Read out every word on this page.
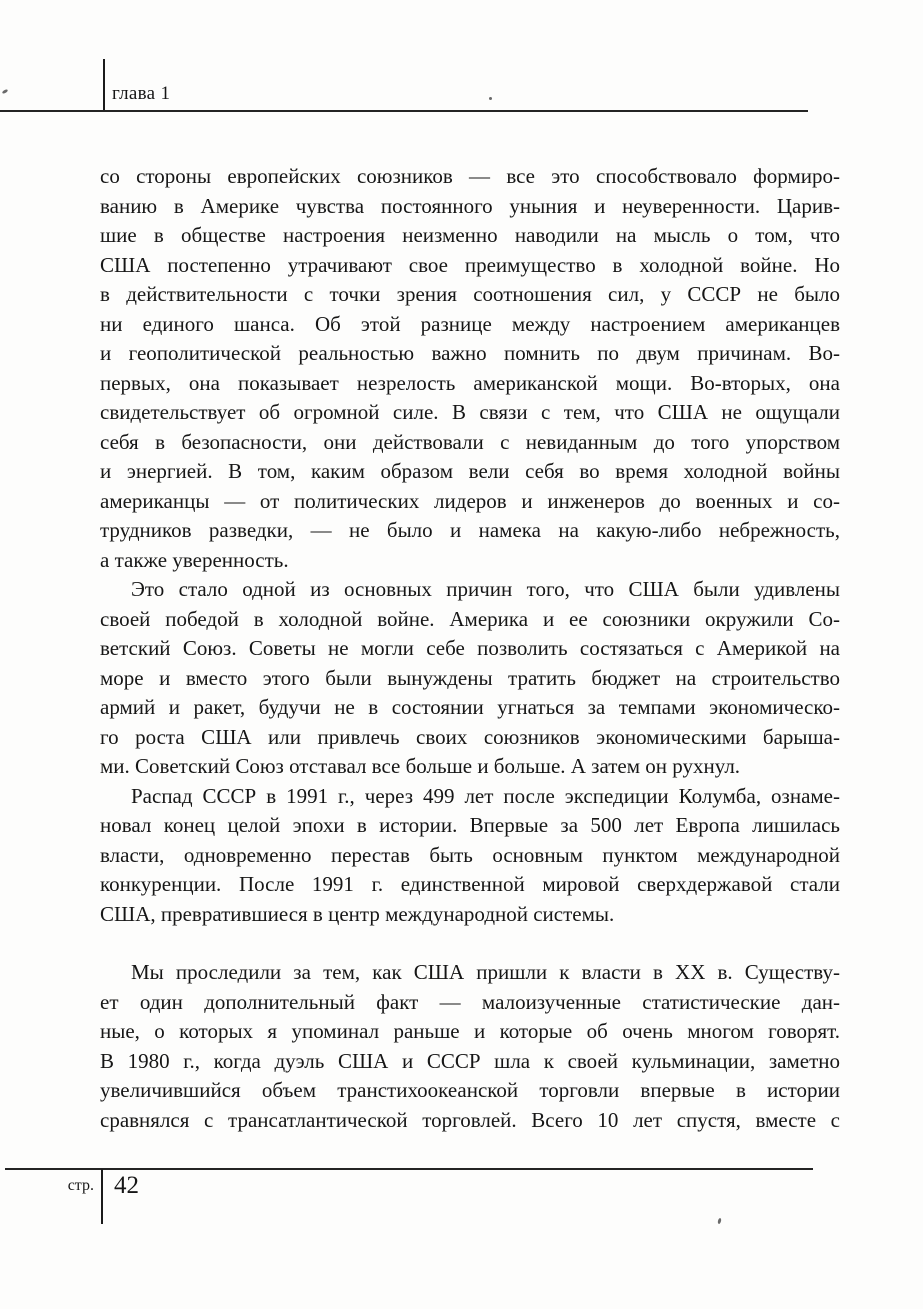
глава 1
со стороны европейских союзников — все это способствовало формиро-
ванию в Америке чувства постоянного уныния и неуверенности. Царив-
шие в обществе настроения неизменно наводили на мысль о том, что
США постепенно утрачивают свое преимущество в холодной войне. Но
в действительности с точки зрения соотношения сил, у СССР не было
ни единого шанса. Об этой разнице между настроением американцев
и геополитической реальностью важно помнить по двум причинам. Во-
первых, она показывает незрелость американской мощи. Во-вторых, она
свидетельствует об огромной силе. В связи с тем, что США не ощущали
себя в безопасности, они действовали с невиданным до того упорством
и энергией. В том, каким образом вели себя во время холодной войны
американцы — от политических лидеров и инженеров до военных и со-
трудников разведки, — не было и намека на какую-либо небрежность,
а также уверенность.
Это стало одной из основных причин того, что США были удивлены
своей победой в холодной войне. Америка и ее союзники окружили Со-
ветский Союз. Советы не могли себе позволить состязаться с Америкой на
море и вместо этого были вынуждены тратить бюджет на строительство
армий и ракет, будучи не в состоянии угнаться за темпами экономическо-
го роста США или привлечь своих союзников экономическими барыша-
ми. Советский Союз отставал все больше и больше. А затем он рухнул.
Распад СССР в 1991 г., через 499 лет после экспедиции Колумба, ознаме-
новал конец целой эпохи в истории. Впервые за 500 лет Европа лишилась
власти, одновременно перестав быть основным пунктом международной
конкуренции. После 1991 г. единственной мировой сверхдержавой стали
США, превратившиеся в центр международной системы.
Мы проследили за тем, как США пришли к власти в XX в. Существу-
ет один дополнительный факт — малоизученные статистические дан-
ные, о которых я упоминал раньше и которые об очень многом говорят.
В 1980 г., когда дуэль США и СССР шла к своей кульминации, заметно
увеличившийся объем транстихоокеанской торговли впервые в истории
сравнялся с трансатлантической торговлей. Всего 10 лет спустя, вместе с
стр. 42
